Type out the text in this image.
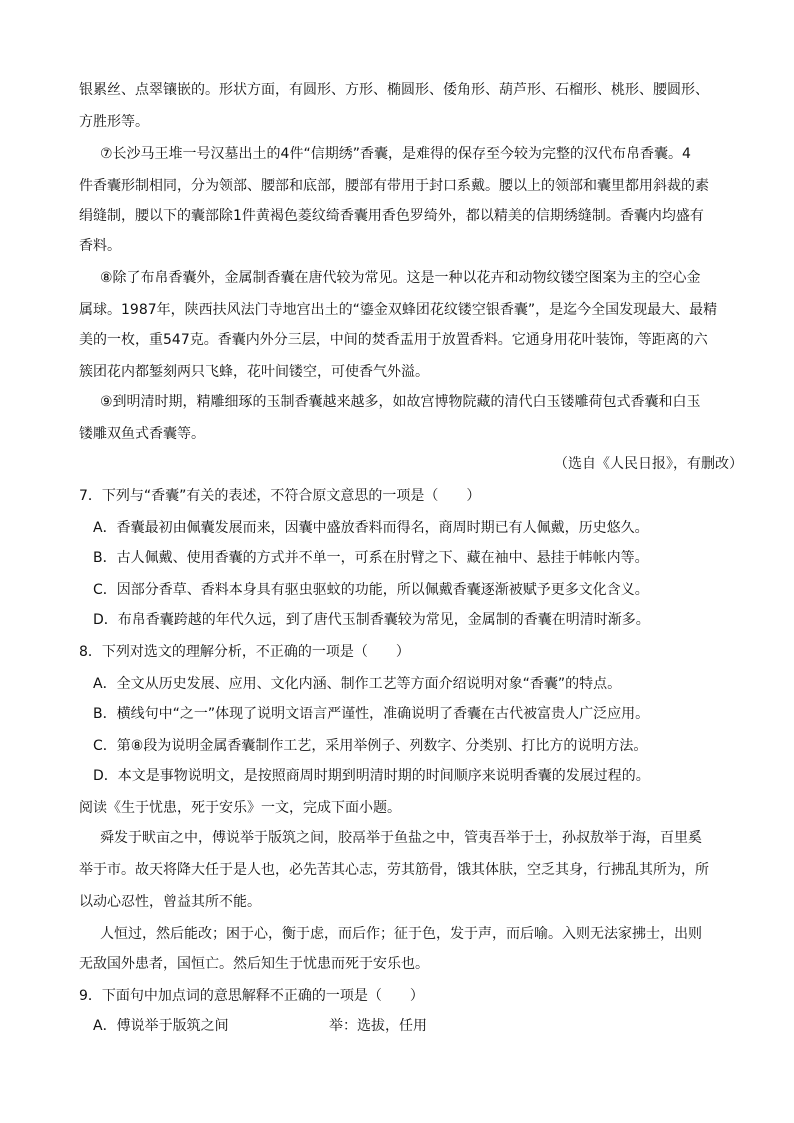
银累丝、点翠镶嵌的。形状方面，有圆形、方形、椭圆形、倭角形、葫芦形、石榴形、桃形、腰圆形、
方胜形等。
⑦长沙马王堆一号汉墓出土的4件“信期绣”香囊，是难得的保存至今较为完整的汉代布帛香囊。4
件香囊形制相同，分为领部、腰部和底部，腰部有带用于封口系戴。腰以上的领部和囊里都用斜裁的素
绢缝制，腰以下的囊部除1件黄褐色菱纹绮香囊用香色罗绮外，都以精美的信期绣缝制。香囊内均盛有
香料。
⑧除了布帛香囊外，金属制香囊在唐代较为常见。这是一种以花卉和动物纹镂空图案为主的空心金
属球。1987年，陕西扶风法门寺地宫出土的“鎏金双蜂团花纹镂空银香囊”，是迄今全国发现最大、最精
美的一枚，重547克。香囊内外分三层，中间的焚香盂用于放置香料。它通身用花叶装饰，等距离的六
簇团花内都錾刻两只飞蜂，花叶间镂空，可使香气外溢。
⑨到明清时期，精雕细琢的玉制香囊越来越多，如故宫博物院藏的清代白玉镂雕荷包式香囊和白玉
镂雕双鱼式香囊等。
（选自《人民日报》，有删改）
7．下列与“香囊”有关的表述，不符合原文意思的一项是（　　）
A．香囊最初由佩囊发展而来，因囊中盛放香料而得名，商周时期已有人佩戴，历史悠久。
B．古人佩戴、使用香囊的方式并不单一，可系在肘臂之下、藏在袖中、悬挂于帏帐内等。
C．因部分香草、香料本身具有驱虫驱蚊的功能，所以佩戴香囊逐渐被赋予更多文化含义。
D．布帛香囊跨越的年代久远，到了唐代玉制香囊较为常见，金属制的香囊在明清时渐多。
8．下列对选文的理解分析，不正确的一项是（　　）
A．全文从历史发展、应用、文化内涵、制作工艺等方面介绍说明对象“香囊”的特点。
B．横线句中“之一”体现了说明文语言严谨性，准确说明了香囊在古代被富贵人广泛应用。
C．第⑧段为说明金属香囊制作工艺，采用举例子、列数字、分类别、打比方的说明方法。
D．本文是事物说明文，是按照商周时期到明清时期的时间顺序来说明香囊的发展过程的。
阅读《生于忧患，死于安乐》一文，完成下面小题。
舜发于畎亩之中，傅说举于版筑之间，胶鬲举于鱼盐之中，管夷吾举于士，孙叔敖举于海，百里奚
举于市。故天将降大任于是人也，必先苦其心志，劳其筋骨，饿其体肤，空乏其身，行拂乱其所为，所
以动心忍性，曾益其所不能。
人恒过，然后能改；困于心，衡于虑，而后作；征于色，发于声，而后喻。入则无法家拂士，出则
无敌国外患者，国恒亡。然后知生于忧患而死于安乐也。
9．下面句中加点词的意思解释不正确的一项是（　　）
A．傅说举于版筑之间	举：选拔，任用
